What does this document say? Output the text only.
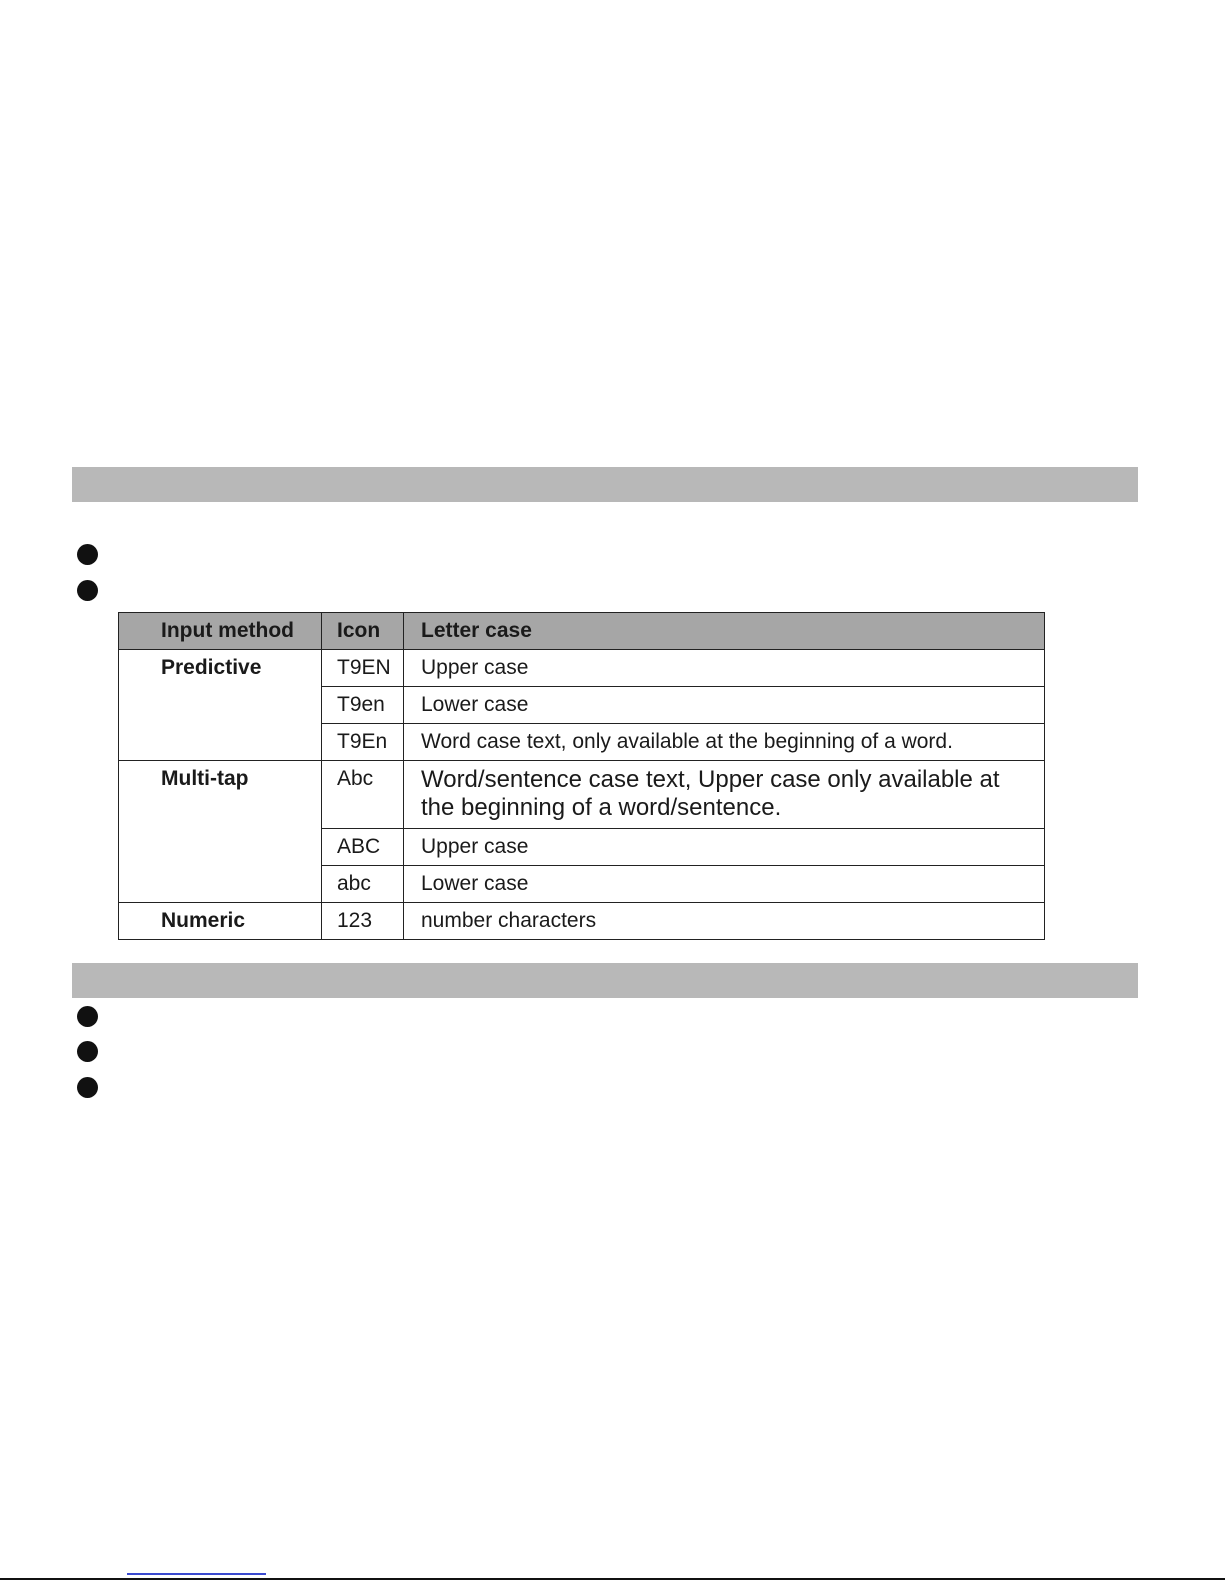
Input method	Icon	Letter case

Predictive	T9EN	Upper case

	T9en	Lower case

	T9En	Word case text, only available at the beginning of a word.

Multi-tap	Abc	Word/sentence case text, Upper case only available at the beginning of a word/sentence.

	ABC	Upper case

	abc	Lower case

Numeric	123	number characters
